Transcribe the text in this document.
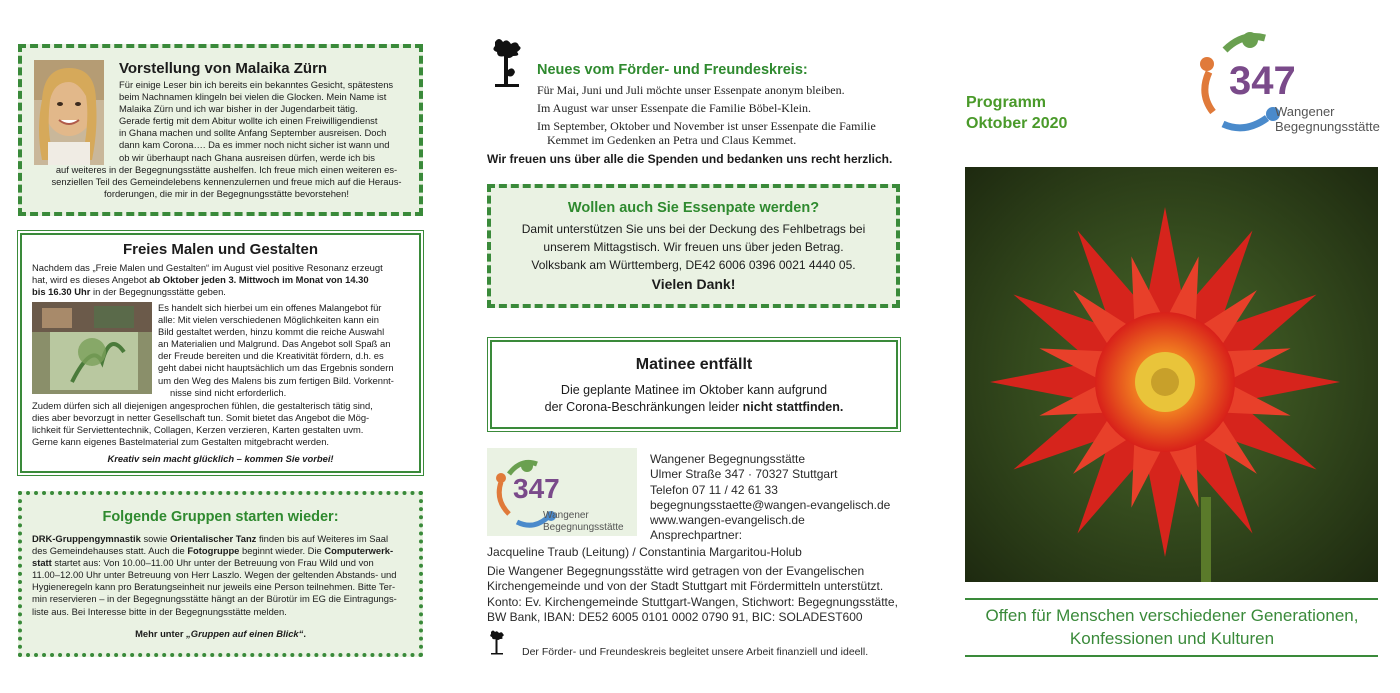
Vorstellung von Malaika Zürn
Für einige Leser bin ich bereits ein bekanntes Gesicht, spätestens
beim Nachnamen klingeln bei vielen die Glocken. Mein Name ist
Malaika Zürn und ich war bisher in der Jugendarbeit tätig.
Gerade fertig mit dem Abitur wollte ich einen Freiwilligendienst
in Ghana machen und sollte Anfang September ausreisen. Doch
dann kam Corona…. Da es immer noch nicht sicher ist wann und
ob wir überhaupt nach Ghana ausreisen dürfen, werde ich bis
auf weiteres in der Begegnungsstätte aushelfen. Ich freue mich einen weiteren es-
senziellen Teil des Gemeindelebens kennenzulernen und freue mich auf die Heraus-
forderungen, die mir in der Begegnungsstätte bevorstehen!
Freies Malen und Gestalten
Nachdem das „Freie Malen und Gestalten“ im August viel positive Resonanz erzeugt
hat, wird es dieses Angebot ab Oktober jeden 3. Mittwoch im Monat von 14.30
bis 16.30 Uhr in der Begegnungsstätte geben.
Es handelt sich hierbei um ein offenes Malangebot für
alle: Mit vielen verschiedenen Möglichkeiten kann ein
Bild gestaltet werden, hinzu kommt die reiche Auswahl
an Materialien und Malgrund. Das Angebot soll Spaß an
der Freude bereiten und die Kreativität fördern, d.h. es
geht dabei nicht hauptsächlich um das Ergebnis sondern
um den Weg des Malens bis zum fertigen Bild. Vorkennt-
nisse sind nicht erforderlich.
Zudem dürfen sich all diejenigen angesprochen fühlen, die gestalterisch tätig sind,
dies aber bevorzugt in netter Gesellschaft tun. Somit bietet das Angebot die Mög-
lichkeit für Serviettentechnik, Collagen, Kerzen verzieren, Karten gestalten uvm.
Gerne kann eigenes Bastelmaterial zum Gestalten mitgebracht werden.
Kreativ sein macht glücklich – kommen Sie vorbei!
Folgende Gruppen starten wieder:
DRK-Gruppengymnastik sowie Orientalischer Tanz finden bis auf Weiteres im Saal
des Gemeindehauses statt. Auch die Fotogruppe beginnt wieder. Die Computerwerk-
statt startet aus: Von 10.00–11.00 Uhr unter der Betreuung von Frau Wild und von
11.00–12.00 Uhr unter Betreuung von Herr Laszlo. Wegen der geltenden Abstands- und
Hygieneregeln kann pro Beratungseinheit nur jeweils eine Person teilnehmen. Bitte Ter-
min reservieren – in der Begegnungsstätte hängt an der Bürotür im EG die Eintragungs-
liste aus. Bei Interesse bitte in der Begegnungsstätte melden.
Mehr unter „Gruppen auf einen Blick“.
Neues vom Förder- und Freundeskreis:
Für Mai, Juni und Juli möchte unser Essenpate anonym bleiben.
Im August war unser Essenpate die Familie Böbel-Klein.
Im September, Oktober und November ist unser Essenpate die Familie
Kemmet im Gedenken an Petra und Claus Kemmet.
Wir freuen uns über alle die Spenden und bedanken uns recht herzlich.
Wollen auch Sie Essenpate werden?
Damit unterstützen Sie uns bei der Deckung des Fehlbetrags bei
unserem Mittagstisch. Wir freuen uns über jeden Betrag.
Volksbank am Württemberg, DE42 6006 0396 0021 4440 05.
Vielen Dank!
Matinee entfällt
Die geplante Matinee im Oktober kann aufgrund
der Corona-Beschränkungen leider nicht stattfinden.
347
Wangener
Begegnungsstätte
Wangener Begegnungsstätte
Ulmer Straße 347 · 70327 Stuttgart
Telefon 07 11 / 42 61 33
begegnungsstaette@wangen-evangelisch.de
www.wangen-evangelisch.de
Ansprechpartner:
Jacqueline Traub (Leitung) / Constantinia Margaritou-Holub
Die Wangener Begegnungsstätte wird getragen von der Evangelischen
Kirchengemeinde und von der Stadt Stuttgart mit Fördermitteln unterstützt.
Konto: Ev. Kirchengemeinde Stuttgart-Wangen, Stichwort: Begegnungsstätte,
BW Bank, IBAN: DE52 6005 0101 0002 0790 91, BIC: SOLADEST600
Der Förder- und Freundeskreis begleitet unsere Arbeit finanziell und ideell.
Programm
Oktober 2020
347
Wangener
Begegnungsstätte
Offen für Menschen verschiedener Generationen,
Konfessionen und Kulturen
